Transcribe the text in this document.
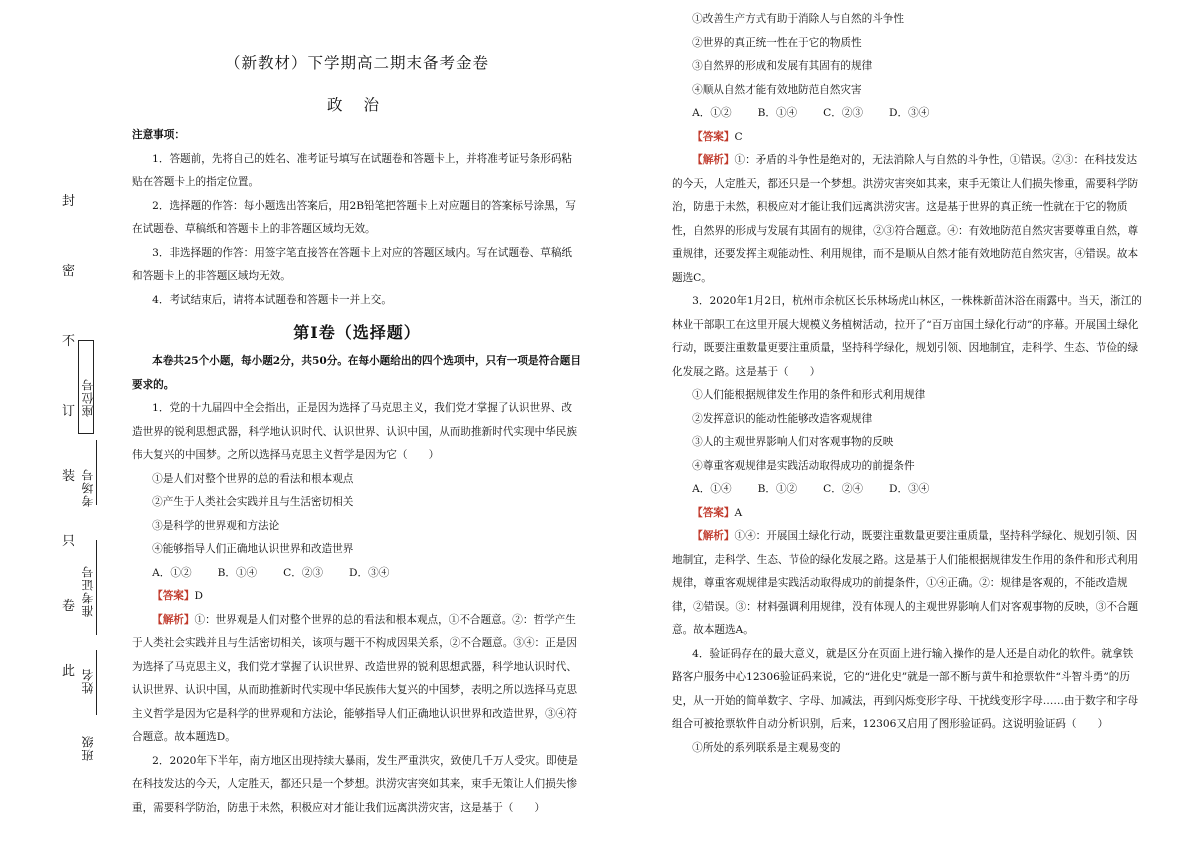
封
密
不
订
装
只
卷
此
座位号
考场号
准考证号
姓名
班级

（新教材）下学期高二期末备考金卷

政 治

注意事项：

1．答题前，先将自己的姓名、准考证号填写在试题卷和答题卡上，并将准考证号条形码粘贴在答题卡上的指定位置。

2．选择题的作答：每小题选出答案后，用2B铅笔把答题卡上对应题目的答案标号涂黑，写在试题卷、草稿纸和答题卡上的非答题区域均无效。

3．非选择题的作答：用签字笔直接答在答题卡上对应的答题区域内。写在试题卷、草稿纸和答题卡上的非答题区域均无效。

4．考试结束后，请将本试题卷和答题卡一并上交。

第Ⅰ卷（选择题）

本卷共25个小题，每小题2分，共50分。在每小题给出的四个选项中，只有一项是符合题目要求的。

1．党的十九届四中全会指出，正是因为选择了马克思主义，我们党才掌握了认识世界、改造世界的锐利思想武器，科学地认识时代、认识世界、认识中国，从而助推新时代实现中华民族伟大复兴的中国梦。之所以选择马克思主义哲学是因为它（　　）

①是人们对整个世界的总的看法和根本观点

②产生于人类社会实践并且与生活密切相关

③是科学的世界观和方法论

④能够指导人们正确地认识世界和改造世界

A．①② B．①④ C．②③ D．③④

【答案】D

【解析】①：世界观是人们对整个世界的总的看法和根本观点，①不合题意。②：哲学产生于人类社会实践并且与生活密切相关，该项与题干不构成因果关系，②不合题意。③④：正是因为选择了马克思主义，我们党才掌握了认识世界、改造世界的锐利思想武器，科学地认识时代、认识世界、认识中国，从而助推新时代实现中华民族伟大复兴的中国梦，表明之所以选择马克思主义哲学是因为它是科学的世界观和方法论，能够指导人们正确地认识世界和改造世界，③④符合题意。故本题选D。

2．2020年下半年，南方地区出现持续大暴雨，发生严重洪灾，致使几千万人受灾。即使是在科技发达的今天，人定胜天，都还只是一个梦想。洪涝灾害突如其来，束手无策让人们损失惨重，需要科学防治，防患于未然，积极应对才能让我们远离洪涝灾害，这是基于（　　）

①改善生产方式有助于消除人与自然的斗争性

②世界的真正统一性在于它的物质性

③自然界的形成和发展有其固有的规律

④顺从自然才能有效地防范自然灾害

A．①② B．①④ C．②③ D．③④

【答案】C

【解析】①：矛盾的斗争性是绝对的，无法消除人与自然的斗争性，①错误。②③：在科技发达的今天，人定胜天，都还只是一个梦想。洪涝灾害突如其来，束手无策让人们损失惨重，需要科学防治，防患于未然，积极应对才能让我们远离洪涝灾害。这是基于世界的真正统一性就在于它的物质性，自然界的形成与发展有其固有的规律，②③符合题意。④：有效地防范自然灾害要尊重自然，尊重规律，还要发挥主观能动性、利用规律，而不是顺从自然才能有效地防范自然灾害，④错误。故本题选C。

3．2020年1月2日，杭州市余杭区长乐林场虎山林区，一株株新苗沐浴在雨露中。当天，浙江的林业干部职工在这里开展大规模义务植树活动，拉开了“百万亩国土绿化行动”的序幕。开展国土绿化行动，既要注重数量更要注重质量，坚持科学绿化，规划引领、因地制宜，走科学、生态、节俭的绿化发展之路。这是基于（　　）

①人们能根据规律发生作用的条件和形式利用规律

②发挥意识的能动性能够改造客观规律

③人的主观世界影响人们对客观事物的反映

④尊重客观规律是实践活动取得成功的前提条件

A．①④ B．①② C．②④ D．③④

【答案】A

【解析】①④：开展国土绿化行动，既要注重数量更要注重质量，坚持科学绿化、规划引领、因地制宜，走科学、生态、节俭的绿化发展之路。这是基于人们能根据规律发生作用的条件和形式利用规律，尊重客观规律是实践活动取得成功的前提条件，①④正确。②：规律是客观的，不能改造规律，②错误。③：材料强调利用规律，没有体现人的主观世界影响人们对客观事物的反映，③不合题意。故本题选A。

4．验证码存在的最大意义，就是区分在页面上进行输入操作的是人还是自动化的软件。就拿铁路客户服务中心12306验证码来说，它的“进化史”就是一部不断与黄牛和抢票软件“斗智斗勇”的历史，从一开始的简单数字、字母、加减法，再到闪烁变形字母、干扰线变形字母……由于数字和字母组合可被抢票软件自动分析识别，后来，12306又启用了图形验证码。这说明验证码（　　）

①所处的系列联系是主观易变的
